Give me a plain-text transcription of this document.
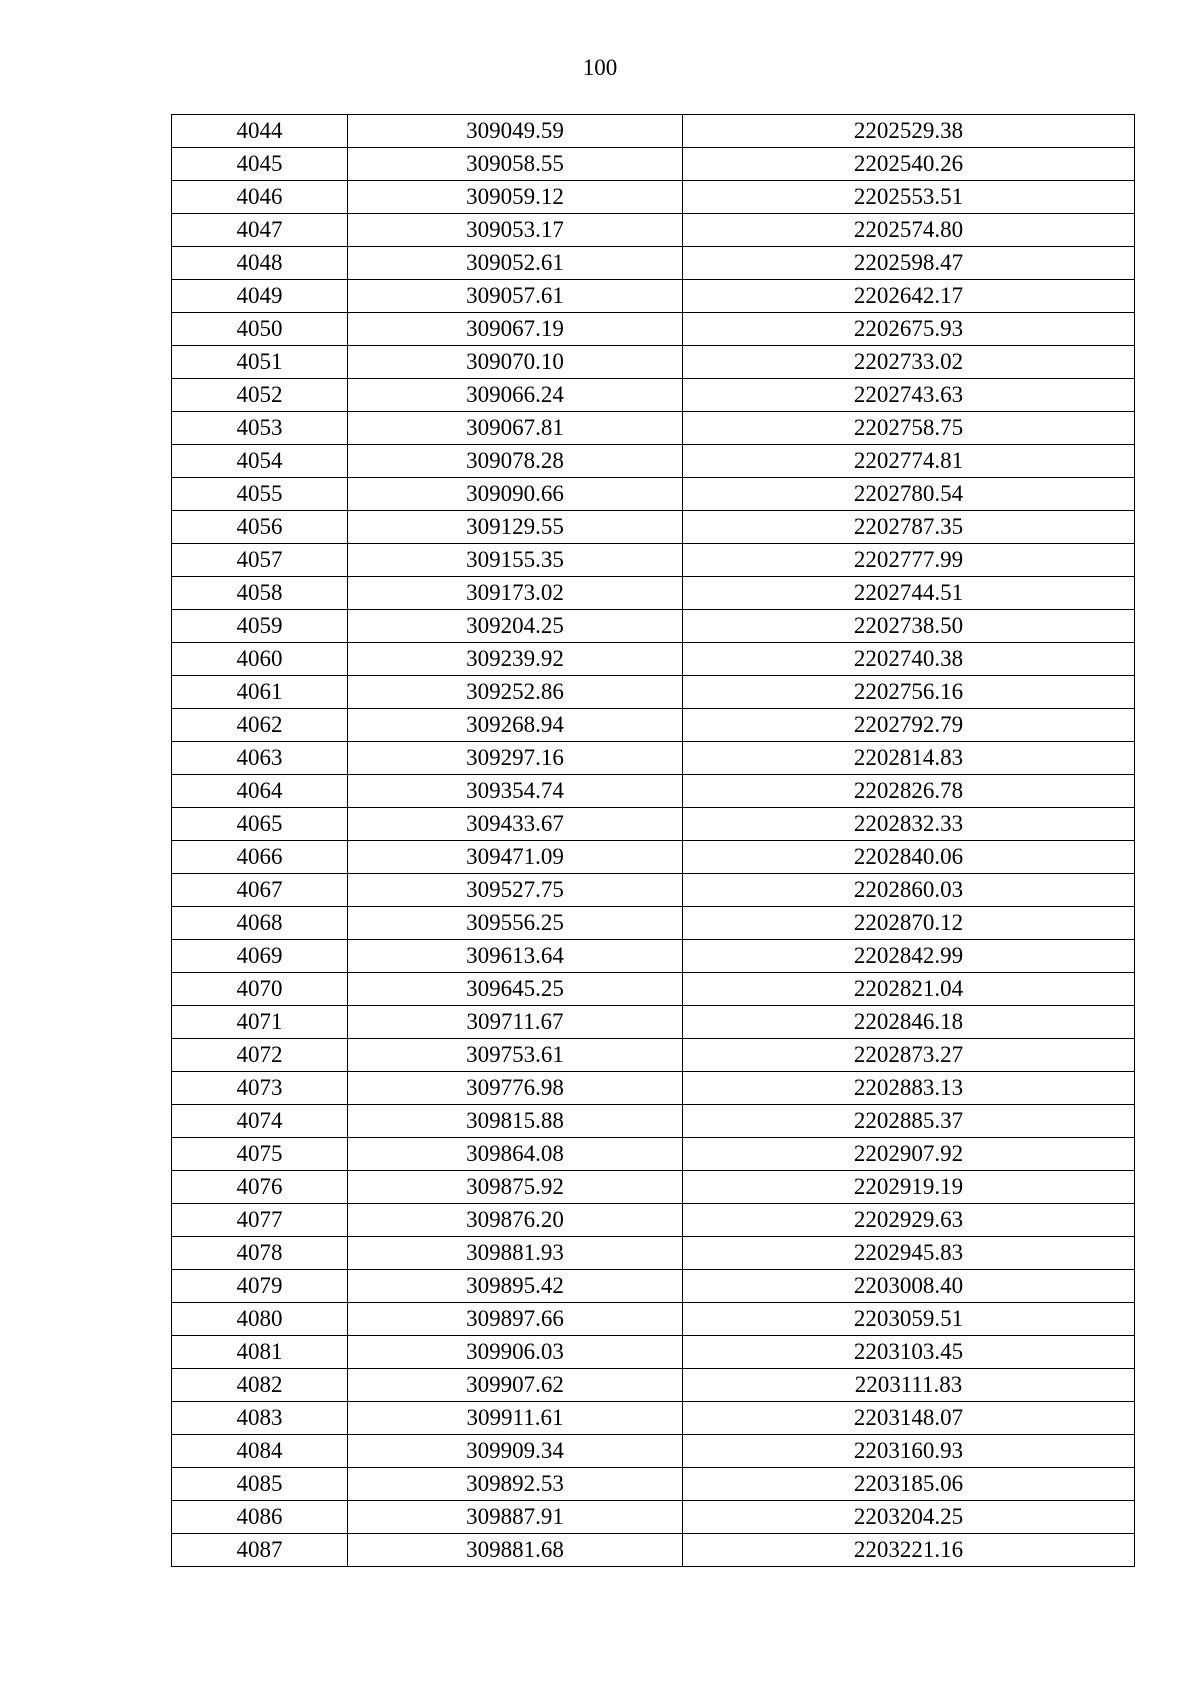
100
4044	309049.59	2202529.38
4045	309058.55	2202540.26
4046	309059.12	2202553.51
4047	309053.17	2202574.80
4048	309052.61	2202598.47
4049	309057.61	2202642.17
4050	309067.19	2202675.93
4051	309070.10	2202733.02
4052	309066.24	2202743.63
4053	309067.81	2202758.75
4054	309078.28	2202774.81
4055	309090.66	2202780.54
4056	309129.55	2202787.35
4057	309155.35	2202777.99
4058	309173.02	2202744.51
4059	309204.25	2202738.50
4060	309239.92	2202740.38
4061	309252.86	2202756.16
4062	309268.94	2202792.79
4063	309297.16	2202814.83
4064	309354.74	2202826.78
4065	309433.67	2202832.33
4066	309471.09	2202840.06
4067	309527.75	2202860.03
4068	309556.25	2202870.12
4069	309613.64	2202842.99
4070	309645.25	2202821.04
4071	309711.67	2202846.18
4072	309753.61	2202873.27
4073	309776.98	2202883.13
4074	309815.88	2202885.37
4075	309864.08	2202907.92
4076	309875.92	2202919.19
4077	309876.20	2202929.63
4078	309881.93	2202945.83
4079	309895.42	2203008.40
4080	309897.66	2203059.51
4081	309906.03	2203103.45
4082	309907.62	2203111.83
4083	309911.61	2203148.07
4084	309909.34	2203160.93
4085	309892.53	2203185.06
4086	309887.91	2203204.25
4087	309881.68	2203221.16
